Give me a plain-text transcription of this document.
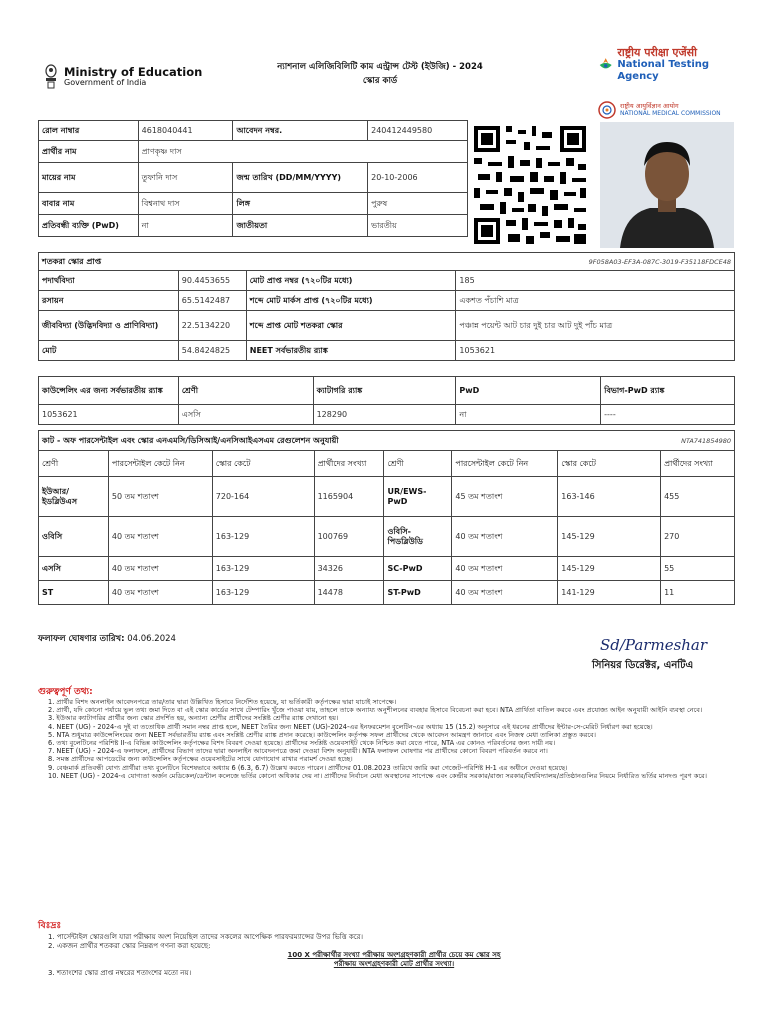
Ministry of Education
Government of India
ন্যাশনাল এলিজিবিলিটি কাম এন্ট্রান্স টেস্ট (ইউজি) - 2024
স্কোর কার্ড
राष्ट्रीय परीक्षा एजेंसी
National Testing Agency
राष्ट्रीय आयुर्विज्ञान आयोग
NATIONAL MEDICAL COMMISSION
রোল নাম্বার	4618040441	আবেদন নম্বর.	240412449580
প্রার্থীর নাম	প্রাণকৃষ্ণ দাস		
মায়ের নাম	তুফানি দাস	জন্ম তারিখ (DD/MM/YYYY)	20-10-2006
বাবার নাম	বিশ্বনাথ দাস	লিঙ্গ	পুরুষ
প্রতিবন্ধী ব্যক্তি (PwD)	না	জাতীয়তা	ভারতীয়
শতকরা স্কোর প্রাপ্ত			9F058A03-EF3A-087C-3019-F35118FDCE48
পদার্থবিদ্যা	90.4453655	মোট প্রাপ্ত নম্বর (৭২০টির মধ্যে)	185
রসায়ন	65.5142487	শব্দে মোট মার্কস প্রাপ্ত (৭২০টির মধ্যে)	একশত পঁচাশি মাত্র
জীববিদ্যা (উদ্ভিদবিদ্যা ও প্রাণিবিদ্যা)	22.5134220	শব্দে প্রাপ্ত মোট শতকরা স্কোর	পঞ্চান্ন পয়েন্ট আট চার দুই চার আট দুই পাঁচ মাত্র
মোট	54.8424825	NEET সর্বভারতীয় র‍্যাঙ্ক	1053621
কাউন্সেলিং এর জন্য সর্বভারতীয় র‍্যাঙ্ক	শ্রেণী	ক্যাটাগরি র‍্যাঙ্ক	PwD	বিভাগ-PwD র‍্যাঙ্ক
1053621	এসসি	128290	না	----
কাট - অফ পারসেন্টাইল এবং স্কোর এনএমসি/ডিসিআই/এনসিআইএসএম রেগুলেশন অনুযায়ী						NTA741854980	
শ্রেণী	পারসেন্টাইল কেটে নিন	স্কোর কেটে	প্রার্থীদের সংখ্যা	শ্রেণী	পারসেন্টাইল কেটে নিন	স্কোর কেটে	প্রার্থীদের সংখ্যা
ইউআর/ ইডব্লিউএস	50 তম শতাংশ	720-164	1165904	UR/EWS- PwD	45 তম শতাংশ	163-146	455
ওবিসি	40 তম শতাংশ	163-129	100769	ওবিসি- পিডব্লিউডি	40 তম শতাংশ	145-129	270
এসসি	40 তম শতাংশ	163-129	34326	SC-PwD	40 তম শতাংশ	145-129	55
ST	40 তম শতাংশ	163-129	14478	ST-PwD	40 তম শতাংশ	141-129	11
ফলাফল ঘোষণার তারিখ: 04.06.2024	Sd/Parmeshar
সিনিয়র ডিরেক্টর, এনটিএ
গুরুত্বপূর্ণ তথ্য:

1. প্রার্থীর বিশদ অনলাইন আবেদনপত্রে তার/তার দ্বারা উল্লিখিত হিসাবে নির্দেশিত হয়েছে, যা ভর্তিকারী কর্তৃপক্ষের দ্বারা যাচাই সাপেক্ষে।

2. প্রার্থী, যদি কোনো পর্যায়ে ভুল তথ্য জমা দিতে বা এই স্কোর কার্ডের সাথে টেম্পারিং খুঁজে পাওয়া যায়, তাহলে তাকে অন্যায্য অনুশীলনের ব্যবহার হিসাবে বিবেচনা করা হবে। NTA প্রার্থিতা বাতিল করবে এবং প্রযোজ্য আইন অনুযায়ী আইনি ব্যবস্থা নেবে।

3. ইউআর ক্যাটাগরির প্রার্থীর জন্য স্কোর প্রদর্শিত হয়, অন্যান্য শ্রেণীর প্রার্থীদের সংশ্লিষ্ট শ্রেণীর র‍্যাঙ্ক দেখানো হয়।

4. NEET (UG) - 2024-এ দুই বা ততোধিক প্রার্থী সমান নম্বর প্রাপ্ত হলে, NEET তৈরির জন্য NEET (UG)-2024-এর ইনফরমেশন বুলেটিন-এর অধ্যায় 15 (15.2) অনুসারে এই ধরনের প্রার্থীদের ইন্টার-সে-মেরিট নির্ধারণ করা হয়েছে।

5. NTA শুধুমাত্র কাউন্সেলিংয়ের জন্য NEET সর্বভারতীয় র‍্যাঙ্ক এবং সংশ্লিষ্ট শ্রেণীর র‍্যাঙ্ক প্রদান করেছে। কাউন্সেলিং কর্তৃপক্ষ সফল প্রার্থীদের থেকে আবেদন আমন্ত্রণ জানাবে এবং নিজস্ব মেধা তালিকা প্রস্তুত করবে।

6. তথ্য বুলেটিনের পরিশিষ্ট II-এ বিভিন্ন কাউন্সেলিং কর্তৃপক্ষের বিশদ বিবরণ দেওয়া হয়েছে। প্রার্থীদের সংশ্লিষ্ট ওয়েবসাইট থেকে নিশ্চিত করা যেতে পারে, NTA এর কোনও পরিবর্তনের জন্য দায়ী নয়।

7. NEET (UG) - 2024-এ ফলাফলে, প্রার্থীদের বিভাগ তাদের দ্বারা অনলাইন আবেদনপত্রে জমা দেওয়া বিশদ অনুযায়ী। NTA ফলাফল ঘোষণার পর প্রার্থীদের কোনো বিবরণ পরিবর্তন করবে না।

8. সমস্ত প্রার্থীদের আপডেটের জন্য কাউন্সেলিং কর্তৃপক্ষের ওয়েবসাইটের সাথে যোগাযোগ রাখার পরামর্শ দেওয়া হচ্ছে।

9. বেঞ্চমার্ক প্রতিবন্ধী যোগ্য প্রার্থীরা তথ্য বুলেটিনে বিশেষভাবে অধ্যায় 6 (6.3, 6.7) উল্লেখ করতে পারেন। প্রার্থীদের 01.08.2023 তারিখে জারি করা গেজেট-পরিশিষ্ট H-1 এর অধীনে দেওয়া হয়েছে।

10. NEET (UG) - 2024-এ যোগ্যতা অর্জন মেডিকেল/ডেন্টাল কলেজে ভর্তির কোনো অধিকার দেয় না। প্রার্থীদের নির্বাচন মেধা অবস্থানের সাপেক্ষে এবং কেন্দ্রীয় সরকার/রাজ্য সরকার/বিশ্ববিদ্যালয়/প্রতিষ্ঠানগুলির নিয়মে নির্ধারিত ভর্তির মানদণ্ড পূরণ করে।

বিঃদ্রঃ

1. পার্সেন্টাইল স্কোরগুলি যারা পরীক্ষায় অংশ নিয়েছিল তাদের সকলের আপেক্ষিক পারফরম্যান্সের উপর ভিত্তি করে।

2. একজন প্রার্থীর শতকরা স্কোর নিম্নরূপ গণনা করা হয়েছে:

100 X পরীক্ষার্থীর সংখ্যা পরীক্ষায় অংশগ্রহণকারী প্রার্থীর চেয়ে কম স্কোর সহ

পরীক্ষায় অংশগ্রহণকারী মোট প্রার্থীর সংখ্যা।

3. শতাংশের স্কোর প্রাপ্ত নম্বরের শতাংশের মতো নয়।
